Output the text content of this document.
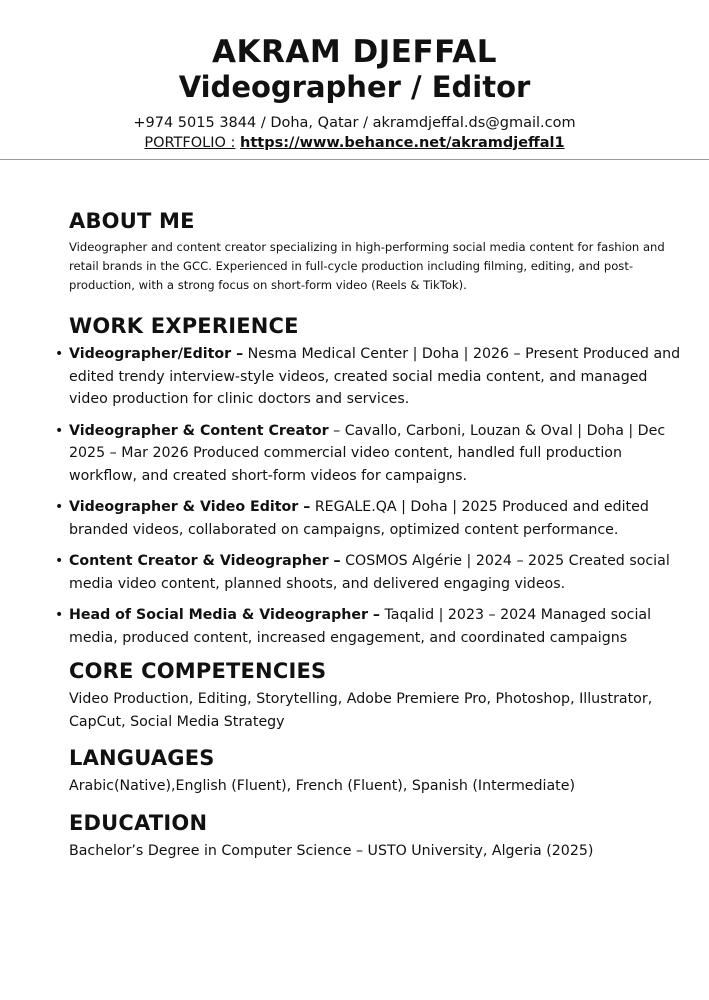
AKRAM DJEFFAL
Videographer / Editor
+974 5015 3844 / Doha, Qatar / akramdjeffal.ds@gmail.com
PORTFOLIO : https://www.behance.net/akramdjeffal1
ABOUT ME

Videographer and content creator specializing in high-performing social media content for fashion and retail brands in the GCC. Experienced in full-cycle production including filming, editing, and post-production, with a strong focus on short-form video (Reels & TikTok).

WORK EXPERIENCE
• Videographer/Editor – Nesma Medical Center | Doha | 2026 – Present Produced and edited trendy interview-style videos, created social media content, and managed video production for clinic doctors and services.
• Videographer & Content Creator – Cavallo, Carboni, Louzan & Oval | Doha | Dec 2025 – Mar 2026 Produced commercial video content, handled full production workflow, and created short-form videos for campaigns.
• Videographer & Video Editor – REGALE.QA | Doha | 2025 Produced and edited branded videos, collaborated on campaigns, optimized content performance.
• Content Creator & Videographer – COSMOS Algérie | 2024 – 2025 Created social media video content, planned shoots, and delivered engaging videos.
• Head of Social Media & Videographer – Taqalid | 2023 – 2024 Managed social media, produced content, increased engagement, and coordinated campaigns
CORE COMPETENCIES

Video Production, Editing, Storytelling, Adobe Premiere Pro, Photoshop, Illustrator, CapCut, Social Media Strategy

LANGUAGES

Arabic(Native),English (Fluent), French (Fluent), Spanish (Intermediate)

EDUCATION

Bachelor’s Degree in Computer Science – USTO University, Algeria (2025)
